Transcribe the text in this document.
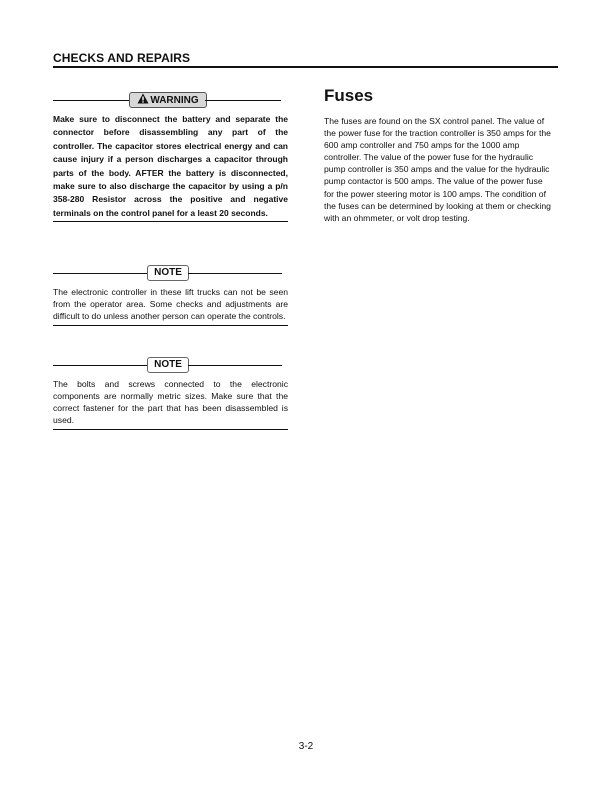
CHECKS AND REPAIRS
WARNING
Make sure to disconnect the battery and separate the connector before disassembling any part of the controller. The capacitor stores electrical energy and can cause injury if a person discharges a capacitor through parts of the body. AFTER the battery is disconnected, make sure to also discharge the capacitor by using a p/n 358-280 Resistor across the positive and negative terminals on the control panel for a least 20 seconds.
NOTE
The electronic controller in these lift trucks can not be seen from the operator area. Some checks and adjustments are difficult to do unless another person can operate the controls.
NOTE
The bolts and screws connected to the electronic components are normally metric sizes. Make sure that the correct fastener for the part that has been disassembled is used.
Fuses
The fuses are found on the SX control panel. The value of the power fuse for the traction controller is 350 amps for the 600 amp controller and 750 amps for the 1000 amp controller. The value of the power fuse for the hydraulic pump controller is 350 amps and the value for the hydraulic pump contactor is 500 amps. The value of the power fuse for the power steering motor is 100 amps. The condition of the fuses can be determined by looking at them or checking with an ohmmeter, or volt drop testing.
3-2
